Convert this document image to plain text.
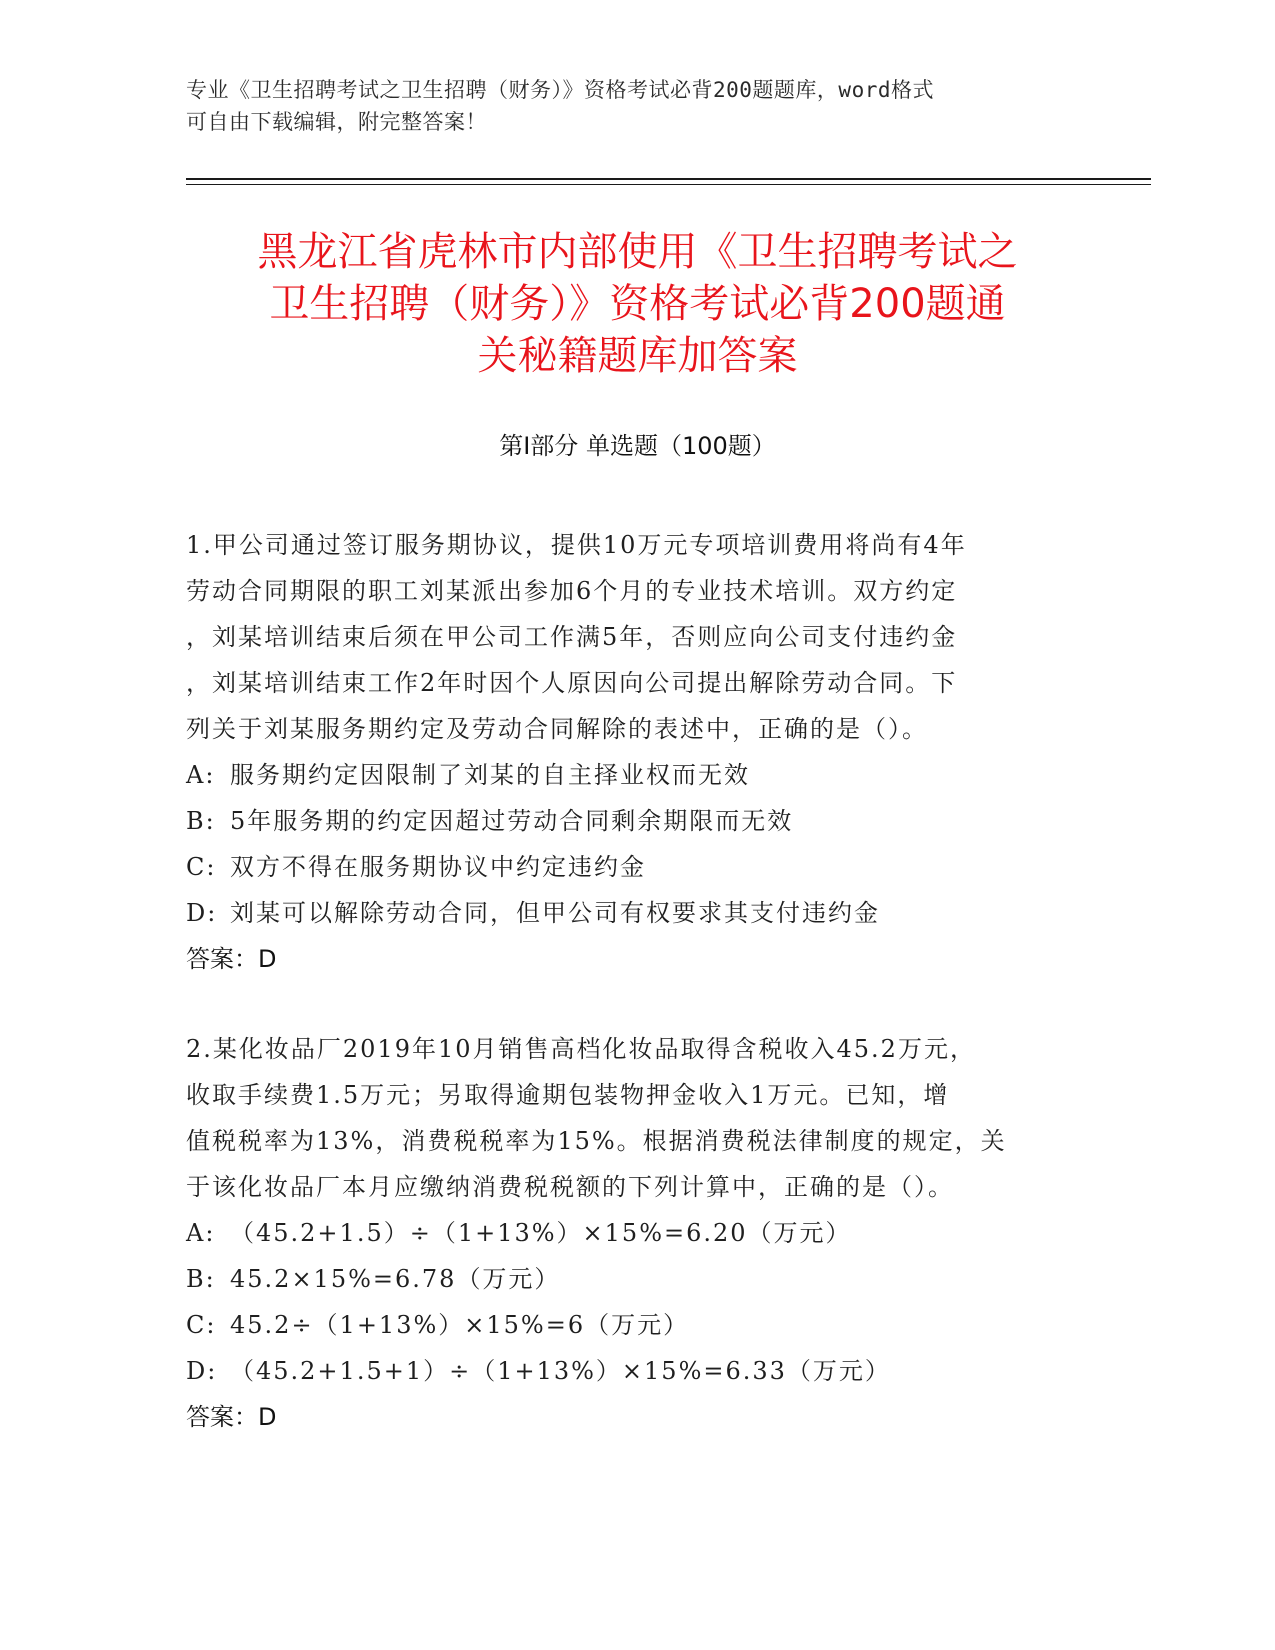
专业《卫生招聘考试之卫生招聘（财务）》资格考试必背200题题库，word格式
可自由下载编辑，附完整答案！
黑龙江省虎林市内部使用《卫生招聘考试之
卫生招聘（财务）》资格考试必背200题通
关秘籍题库加答案
第Ⅰ部分 单选题（100题）
1.甲公司通过签订服务期协议，提供10万元专项培训费用将尚有4年
劳动合同期限的职工刘某派出参加6个月的专业技术培训。双方约定
，刘某培训结束后须在甲公司工作满5年，否则应向公司支付违约金
，刘某培训结束工作2年时因个人原因向公司提出解除劳动合同。下
列关于刘某服务期约定及劳动合同解除的表述中，正确的是（）。
A: 服务期约定因限制了刘某的自主择业权而无效
B: 5年服务期的约定因超过劳动合同剩余期限而无效
C: 双方不得在服务期协议中约定违约金
D: 刘某可以解除劳动合同，但甲公司有权要求其支付违约金
答案：D
2.某化妆品厂2019年10月销售高档化妆品取得含税收入45.2万元，
收取手续费1.5万元；另取得逾期包装物押金收入1万元。已知，增
值税税率为13%，消费税税率为15%。根据消费税法律制度的规定，关
于该化妆品厂本月应缴纳消费税税额的下列计算中，正确的是（）。
A: （45.2+1.5）÷（1+13%）×15%=6.20（万元）
B: 45.2×15%=6.78（万元）
C: 45.2÷（1+13%）×15%=6（万元）
D: （45.2+1.5+1）÷（1+13%）×15%=6.33（万元）
答案：D
